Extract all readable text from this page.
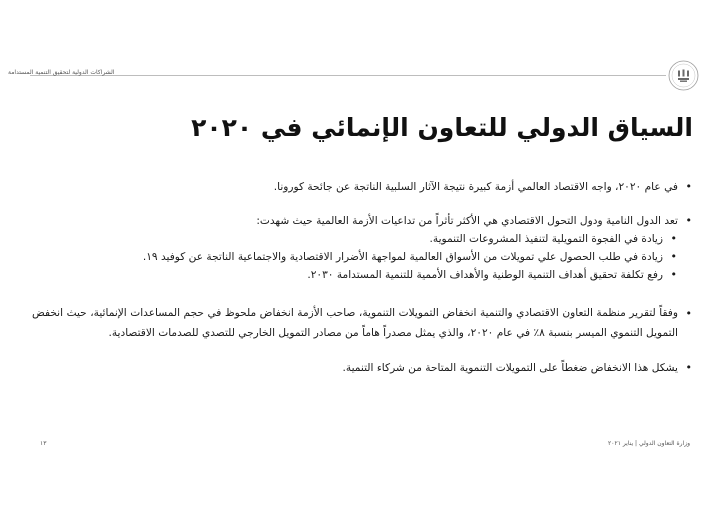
الشراكات الدولية لتحقيق التنمية المستدامة
السياق الدولي للتعاون الإنمائي في ٢٠٢٠

• في عام ٢٠٢٠، واجه الاقتصاد العالمي أزمة كبيرة نتيجة الآثار السلبية الناتجة عن جائحة كورونا.

• تعد الدول النامية ودول التحول الاقتصادي هي الأكثر تأثراً من تداعيات الأزمة العالمية حيث شهدت:

• زيادة في الفجوة التمويلية لتنفيذ المشروعات التنموية.

• زيادة في طلب الحصول علي تمويلات من الأسواق العالمية لمواجهة الأضرار الاقتصادية والاجتماعية الناتجة عن كوفيد ١٩.

• رفع تكلفة تحقيق أهداف التنمية الوطنية والأهداف الأممية للتنمية المستدامة ٢٠٣٠.

• وفقاً لتقرير منظمة التعاون الاقتصادي والتنمية انخفاض التمويلات التنموية، صاحب الأزمة انخفاض ملحوظ في حجم المساعدات الإنمائية، حيث انخفض التمويل التنموي الميسر بنسبة ٨٪ في عام ٢٠٢٠، والذي يمثل مصدراً هاماً من مصادر التمويل الخارجي للتصدي للصدمات الاقتصادية.

• يشكل هذا الانخفاض ضغطاً على التمويلات التنموية المتاحة من شركاء التنمية.

١٣	وزارة التعاون الدولي | يناير ٢٠٢١
